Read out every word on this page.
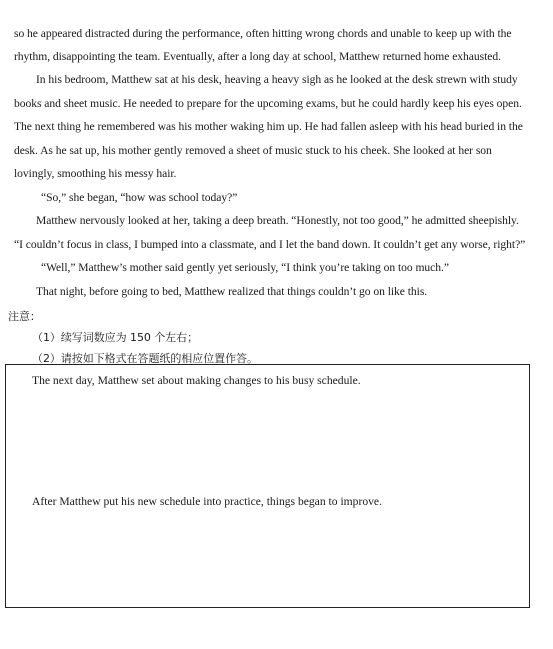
so he appeared distracted during the performance, often hitting wrong chords and unable to keep up with the
rhythm, disappointing the team. Eventually, after a long day at school, Matthew returned home exhausted.
In his bedroom, Matthew sat at his desk, heaving a heavy sigh as he looked at the desk strewn with study
books and sheet music. He needed to prepare for the upcoming exams, but he could hardly keep his eyes open.
The next thing he remembered was his mother waking him up. He had fallen asleep with his head buried in the
desk. As he sat up, his mother gently removed a sheet of music stuck to his cheek. She looked at her son
lovingly, smoothing his messy hair.
“So,” she began, “how was school today?”
Matthew nervously looked at her, taking a deep breath. “Honestly, not too good,” he admitted sheepishly.
“I couldn’t focus in class, I bumped into a classmate, and I let the band down. It couldn’t get any worse, right?”
“Well,” Matthew’s mother said gently yet seriously, “I think you’re taking on too much.”
That night, before going to bed, Matthew realized that things couldn’t go on like this.
注意：
（1）续写词数应为 150 个左右；
（2）请按如下格式在答题纸的相应位置作答。
The next day, Matthew set about making changes to his busy schedule.
After Matthew put his new schedule into practice, things began to improve.
